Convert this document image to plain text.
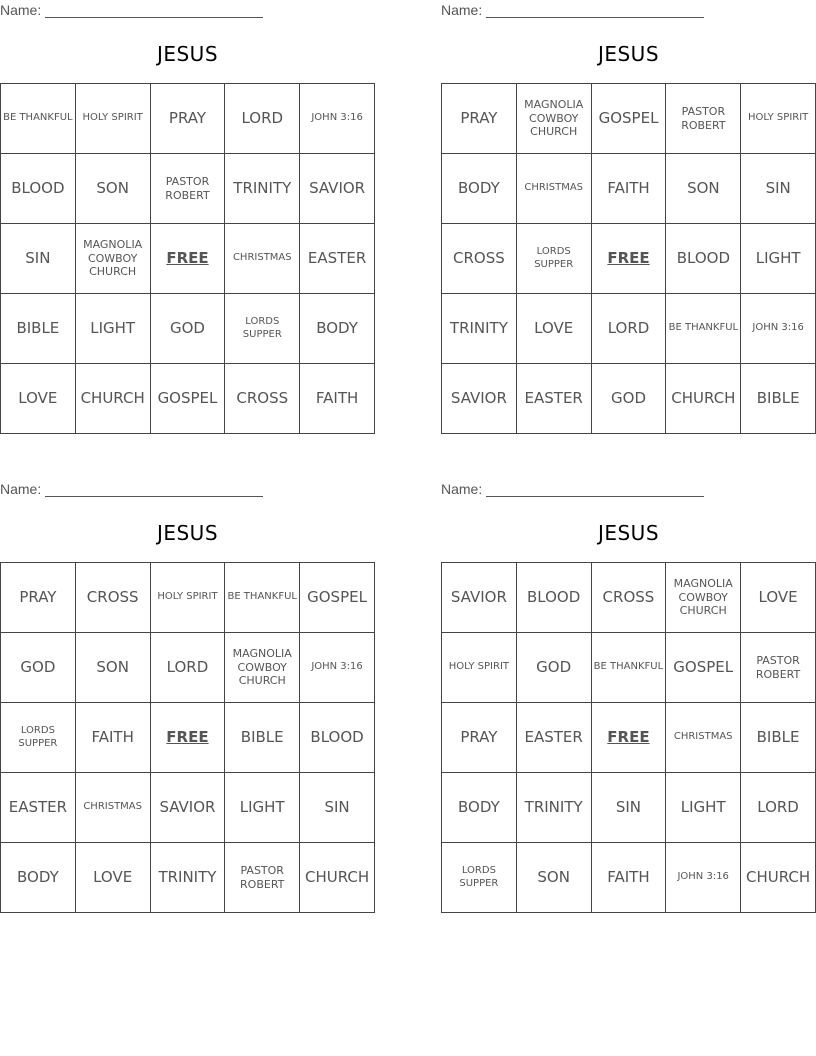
Name:
JESUS
BE THANKFUL	HOLY SPIRIT	PRAY	LORD	JOHN 3:16
BLOOD	SON	PASTOR ROBERT	TRINITY	SAVIOR
SIN	MAGNOLIA COWBOY CHURCH	FREE	CHRISTMAS	EASTER
BIBLE	LIGHT	GOD	LORDS SUPPER	BODY
LOVE	CHURCH	GOSPEL	CROSS	FAITH
Name:
JESUS
PRAY	MAGNOLIA COWBOY CHURCH	GOSPEL	PASTOR ROBERT	HOLY SPIRIT
BODY	CHRISTMAS	FAITH	SON	SIN
CROSS	LORDS SUPPER	FREE	BLOOD	LIGHT
TRINITY	LOVE	LORD	BE THANKFUL	JOHN 3:16
SAVIOR	EASTER	GOD	CHURCH	BIBLE
Name:
JESUS
PRAY	CROSS	HOLY SPIRIT	BE THANKFUL	GOSPEL
GOD	SON	LORD	MAGNOLIA COWBOY CHURCH	JOHN 3:16
LORDS SUPPER	FAITH	FREE	BIBLE	BLOOD
EASTER	CHRISTMAS	SAVIOR	LIGHT	SIN
BODY	LOVE	TRINITY	PASTOR ROBERT	CHURCH
Name:
JESUS
SAVIOR	BLOOD	CROSS	MAGNOLIA COWBOY CHURCH	LOVE
HOLY SPIRIT	GOD	BE THANKFUL	GOSPEL	PASTOR ROBERT
PRAY	EASTER	FREE	CHRISTMAS	BIBLE
BODY	TRINITY	SIN	LIGHT	LORD
LORDS SUPPER	SON	FAITH	JOHN 3:16	CHURCH
